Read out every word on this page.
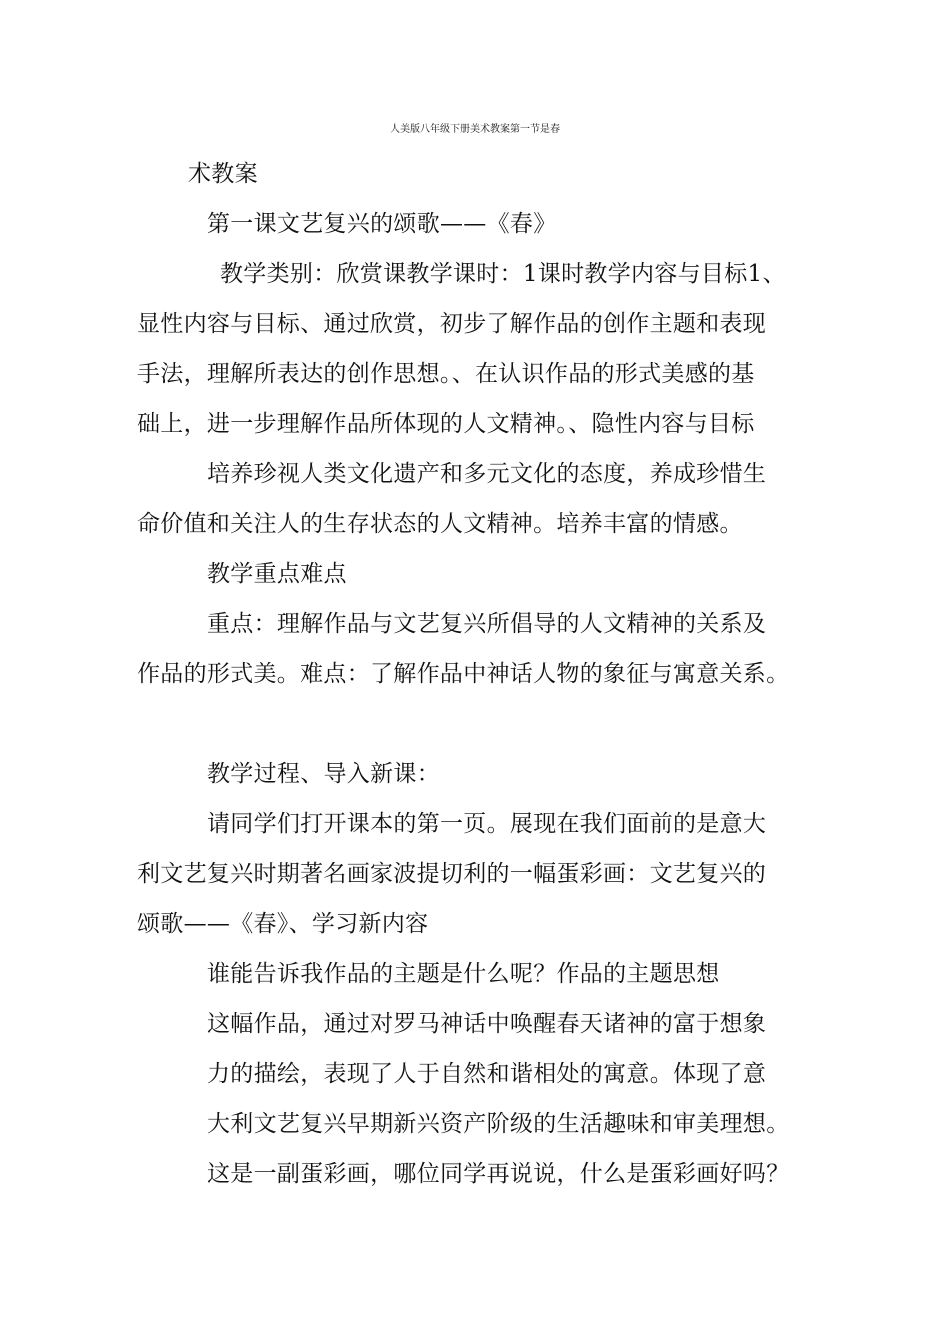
人美版八年级下册美术教案第一节是春
术教案
第一课文艺复兴的颂歌——《春》
教学类别：欣赏课教学课时：1课时教学内容与目标1、
显性内容与目标、通过欣赏，初步了解作品的创作主题和表现
手法，理解所表达的创作思想。、在认识作品的形式美感的基
础上，进一步理解作品所体现的人文精神。、隐性内容与目标
培养珍视人类文化遗产和多元文化的态度，养成珍惜生
命价值和关注人的生存状态的人文精神。培养丰富的情感。
教学重点难点
重点：理解作品与文艺复兴所倡导的人文精神的关系及
作品的形式美。难点：了解作品中神话人物的象征与寓意关系。
教学过程、导入新课：
请同学们打开课本的第一页。展现在我们面前的是意大
利文艺复兴时期著名画家波提切利的一幅蛋彩画：文艺复兴的
颂歌——《春》、学习新内容
谁能告诉我作品的主题是什么呢？作品的主题思想
这幅作品，通过对罗马神话中唤醒春天诸神的富于想象
力的描绘，表现了人于自然和谐相处的寓意。体现了意
大利文艺复兴早期新兴资产阶级的生活趣味和审美理想。
这是一副蛋彩画，哪位同学再说说，什么是蛋彩画好吗？
